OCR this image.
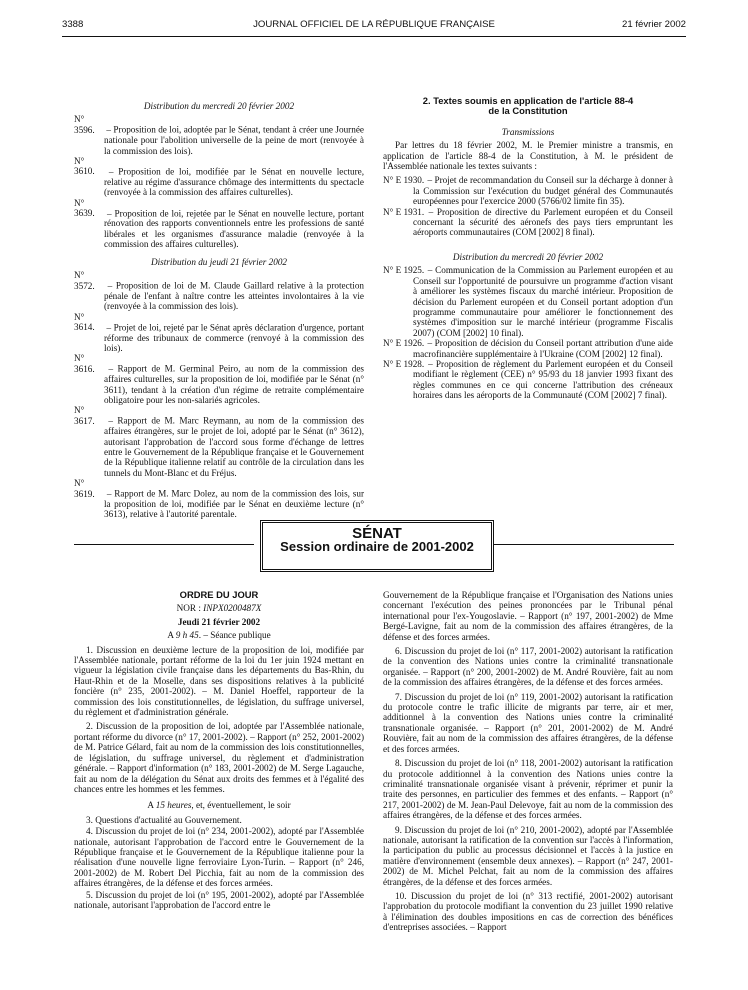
3388	JOURNAL OFFICIEL DE LA RÉPUBLIQUE FRANÇAISE	21 février 2002
Distribution du mercredi 20 février 2002

N° 3596. – Proposition de loi, adoptée par le Sénat, tendant à créer une Journée nationale pour l'abolition universelle de la peine de mort (renvoyée à la commission des lois).

N° 3610. – Proposition de loi, modifiée par le Sénat en nouvelle lecture, relative au régime d'assurance chômage des intermittents du spectacle (renvoyée à la commission des affaires culturelles).

N° 3639. – Proposition de loi, rejetée par le Sénat en nouvelle lecture, portant rénovation des rapports conventionnels entre les professions de santé libérales et les organismes d'assurance maladie (renvoyée à la commission des affaires culturelles).

Distribution du jeudi 21 février 2002

N° 3572. – Proposition de loi de M. Claude Gaillard relative à la protection pénale de l'enfant à naître contre les atteintes involontaires à la vie (renvoyée à la commission des lois).

N° 3614. – Projet de loi, rejeté par le Sénat après déclaration d'urgence, portant réforme des tribunaux de commerce (renvoyé à la commission des lois).

N° 3616. – Rapport de M. Germinal Peiro, au nom de la commission des affaires culturelles, sur la proposition de loi, modifiée par le Sénat (n° 3611), tendant à la création d'un régime de retraite complémentaire obligatoire pour les non-salariés agricoles.

N° 3617. – Rapport de M. Marc Reymann, au nom de la commission des affaires étrangères, sur le projet de loi, adopté par le Sénat (n° 3612), autorisant l'approbation de l'accord sous forme d'échange de lettres entre le Gouvernement de la République française et le Gouvernement de la République italienne relatif au contrôle de la circulation dans les tunnels du Mont-Blanc et du Fréjus.

N° 3619. – Rapport de M. Marc Dolez, au nom de la commission des lois, sur la proposition de loi, modifiée par le Sénat en deuxième lecture (n° 3613), relative à l'autorité parentale.

2. Textes soumis en application de l'article 88-4
de la Constitution
Transmissions

Par lettres du 18 février 2002, M. le Premier ministre a transmis, en application de l'article 88-4 de la Constitution, à M. le président de l'Assemblée nationale les textes suivants :

N° E 1930. – Projet de recommandation du Conseil sur la décharge à donner à la Commission sur l'exécution du budget général des Communautés européennes pour l'exercice 2000 (5766/02 limite fin 35).

N° E 1931. – Proposition de directive du Parlement européen et du Conseil concernant la sécurité des aéronefs des pays tiers empruntant les aéroports communautaires (COM [2002] 8 final).

Distribution du mercredi 20 février 2002

N° E 1925. – Communication de la Commission au Parlement européen et au Conseil sur l'opportunité de poursuivre un programme d'action visant à améliorer les systèmes fiscaux du marché intérieur. Proposition de décision du Parlement européen et du Conseil portant adoption d'un programme communautaire pour améliorer le fonctionnement des systèmes d'imposition sur le marché intérieur (programme Fiscalis 2007) (COM [2002] 10 final).

N° E 1926. – Proposition de décision du Conseil portant attribution d'une aide macrofinancière supplémentaire à l'Ukraine (COM [2002] 12 final).

N° E 1928. – Proposition de règlement du Parlement européen et du Conseil modifiant le règlement (CEE) n° 95/93 du 18 janvier 1993 fixant des règles communes en ce qui concerne l'attribution des créneaux horaires dans les aéroports de la Communauté (COM [2002] 7 final).

SÉNAT
Session ordinaire de 2001-2002
ORDRE DU JOUR
NOR : INPX0200487X
Jeudi 21 février 2002
A 9 h 45. – Séance publique

1. Discussion en deuxième lecture de la proposition de loi, modifiée par l'Assemblée nationale, portant réforme de la loi du 1er juin 1924 mettant en vigueur la législation civile française dans les départements du Bas-Rhin, du Haut-Rhin et de la Moselle, dans ses dispositions relatives à la publicité foncière (n° 235, 2001-2002). – M. Daniel Hoeffel, rapporteur de la commission des lois constitutionnelles, de législation, du suffrage universel, du règlement et d'administration générale.

2. Discussion de la proposition de loi, adoptée par l'Assemblée nationale, portant réforme du divorce (n° 17, 2001-2002). – Rapport (n° 252, 2001-2002) de M. Patrice Gélard, fait au nom de la commission des lois constitutionnelles, de législation, du suffrage universel, du règlement et d'administration générale. – Rapport d'information (n° 183, 2001-2002) de M. Serge Lagauche, fait au nom de la délégation du Sénat aux droits des femmes et à l'égalité des chances entre les hommes et les femmes.

A 15 heures, et, éventuellement, le soir

3. Questions d'actualité au Gouvernement.

4. Discussion du projet de loi (n° 234, 2001-2002), adopté par l'Assemblée nationale, autorisant l'approbation de l'accord entre le Gouvernement de la République française et le Gouvernement de la République italienne pour la réalisation d'une nouvelle ligne ferroviaire Lyon-Turin. – Rapport (n° 246, 2001-2002) de M. Robert Del Picchia, fait au nom de la commission des affaires étrangères, de la défense et des forces armées.

5. Discussion du projet de loi (n° 195, 2001-2002), adopté par l'Assemblée nationale, autorisant l'approbation de l'accord entre le

Gouvernement de la République française et l'Organisation des Nations unies concernant l'exécution des peines prononcées par le Tribunal pénal international pour l'ex-Yougoslavie. – Rapport (n° 197, 2001-2002) de Mme Bergé-Lavigne, fait au nom de la commission des affaires étrangères, de la défense et des forces armées.

6. Discussion du projet de loi (n° 117, 2001-2002) autorisant la ratification de la convention des Nations unies contre la criminalité transnationale organisée. – Rapport (n° 200, 2001-2002) de M. André Rouvière, fait au nom de la commission des affaires étrangères, de la défense et des forces armées.

7. Discussion du projet de loi (n° 119, 2001-2002) autorisant la ratification du protocole contre le trafic illicite de migrants par terre, air et mer, additionnel à la convention des Nations unies contre la criminalité transnationale organisée. – Rapport (n° 201, 2001-2002) de M. André Rouvière, fait au nom de la commission des affaires étrangères, de la défense et des forces armées.

8. Discussion du projet de loi (n° 118, 2001-2002) autorisant la ratification du protocole additionnel à la convention des Nations unies contre la criminalité transnationale organisée visant à prévenir, réprimer et punir la traite des personnes, en particulier des femmes et des enfants. – Rapport (n° 217, 2001-2002) de M. Jean-Paul Delevoye, fait au nom de la commission des affaires étrangères, de la défense et des forces armées.

9. Discussion du projet de loi (n° 210, 2001-2002), adopté par l'Assemblée nationale, autorisant la ratification de la convention sur l'accès à l'information, la participation du public au processus décisionnel et l'accès à la justice en matière d'environnement (ensemble deux annexes). – Rapport (n° 247, 2001-2002) de M. Michel Pelchat, fait au nom de la commission des affaires étrangères, de la défense et des forces armées.

10. Discussion du projet de loi (n° 313 rectifié, 2001-2002) autorisant l'approbation du protocole modifiant la convention du 23 juillet 1990 relative à l'élimination des doubles impositions en cas de correction des bénéfices d'entreprises associées. – Rapport
